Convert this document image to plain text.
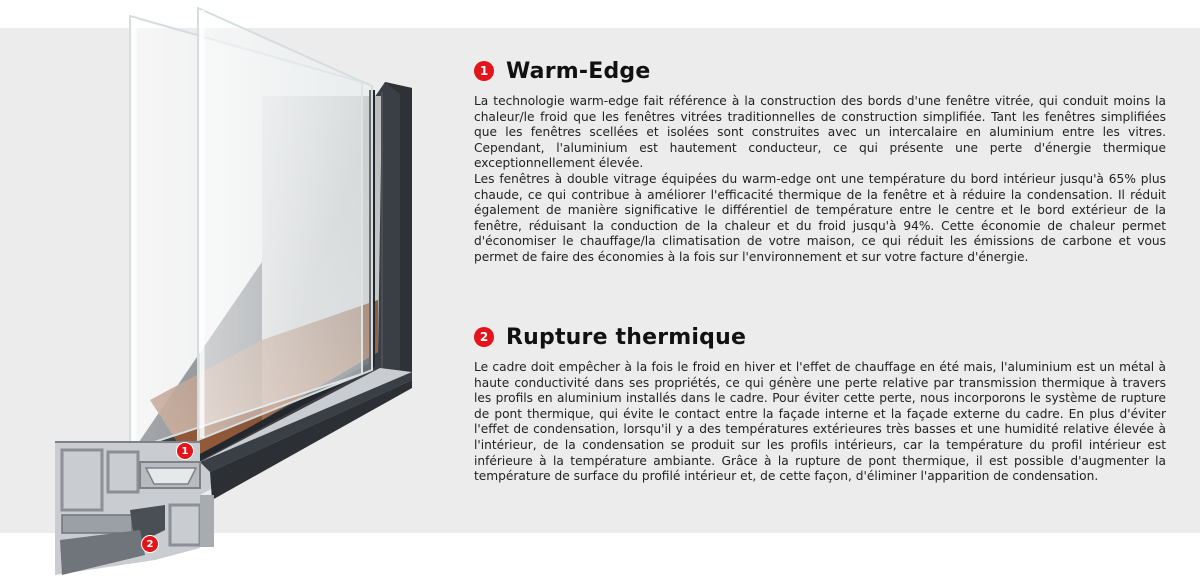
1
2
1 Warm-Edge

La technologie warm-edge fait référence à la construction des bords d'une fenêtre vitrée, qui conduit moins la chaleur/le froid que les fenêtres vitrées traditionnelles de construction simplifiée. Tant les fenêtres simplifiées que les fenêtres scellées et isolées sont construites avec un intercalaire en aluminium entre les vitres. Cependant, l'aluminium est hautement conducteur, ce qui présente une perte d'énergie thermique exceptionnellement élevée.

Les fenêtres à double vitrage équipées du warm-edge ont une température du bord intérieur jusqu'à 65% plus chaude, ce qui contribue à améliorer l'efficacité thermique de la fenêtre et à réduire la condensation. Il réduit également de manière significative le différentiel de température entre le centre et le bord extérieur de la fenêtre, réduisant la conduction de la chaleur et du froid jusqu'à 94%. Cette économie de chaleur permet d'économiser le chauffage/la climatisation de votre maison, ce qui réduit les émissions de carbone et vous permet de faire des économies à la fois sur l'environnement et sur votre facture d'énergie.

2 Rupture thermique

Le cadre doit empêcher à la fois le froid en hiver et l'effet de chauffage en été mais, l'aluminium est un métal à haute conductivité dans ses propriétés, ce qui génère une perte relative par transmission thermique à travers les profils en aluminium installés dans le cadre. Pour éviter cette perte, nous incorporons le système de rupture de pont thermique, qui évite le contact entre la façade interne et la façade externe du cadre. En plus d'éviter l'effet de condensation, lorsqu'il y a des températures extérieures très basses et une humidité relative élevée à l'intérieur, de la condensation se produit sur les profils intérieurs, car la température du profil intérieur est inférieure à la température ambiante. Grâce à la rupture de pont thermique, il est possible d'augmenter la température de surface du profilé intérieur et, de cette façon, d'éliminer l'apparition de condensation.
